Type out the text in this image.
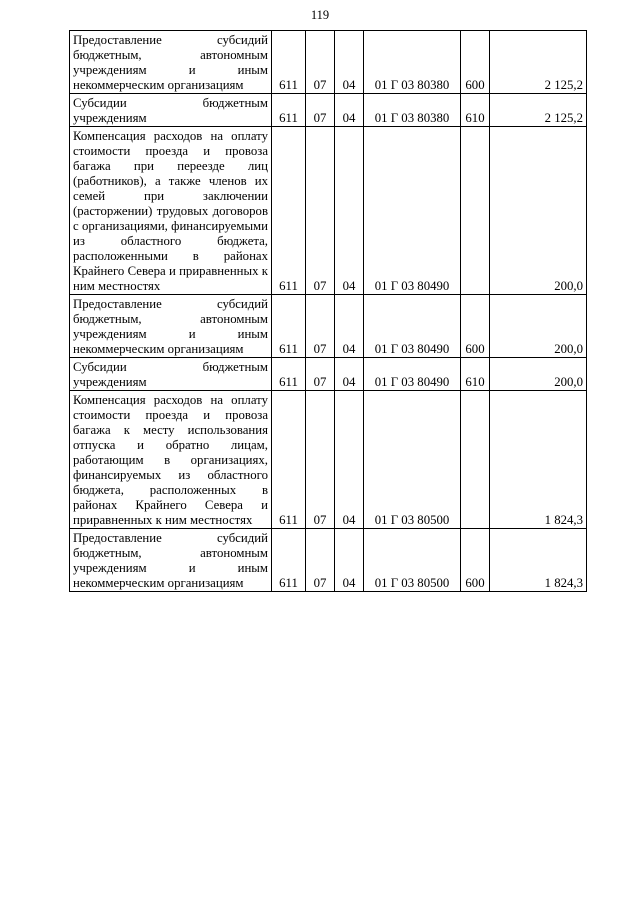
119
Предоставление субсидий бюджетным, автономным учреждениям и иным некоммерческим организациям	611	07	04	01 Г 03 80380	600	2 125,2
Субсидии бюджетным учреждениям	611	07	04	01 Г 03 80380	610	2 125,2
Компенсация расходов на оплату стоимости проезда и провоза багажа при переезде лиц (работников), а также членов их семей при заключении (расторжении) трудовых договоров с организациями, финансируемыми из областного бюджета, расположенными в районах Крайнего Севера и приравненных к ним местностях	611	07	04	01 Г 03 80490		200,0
Предоставление субсидий бюджетным, автономным учреждениям и иным некоммерческим организациям	611	07	04	01 Г 03 80490	600	200,0
Субсидии бюджетным учреждениям	611	07	04	01 Г 03 80490	610	200,0
Компенсация расходов на оплату стоимости проезда и провоза багажа к месту использования отпуска и обратно лицам, работающим в организациях, финансируемых из областного бюджета, расположенных в районах Крайнего Севера и приравненных к ним местностях	611	07	04	01 Г 03 80500		1 824,3
Предоставление субсидий бюджетным, автономным учреждениям и иным некоммерческим организациям	611	07	04	01 Г 03 80500	600	1 824,3
